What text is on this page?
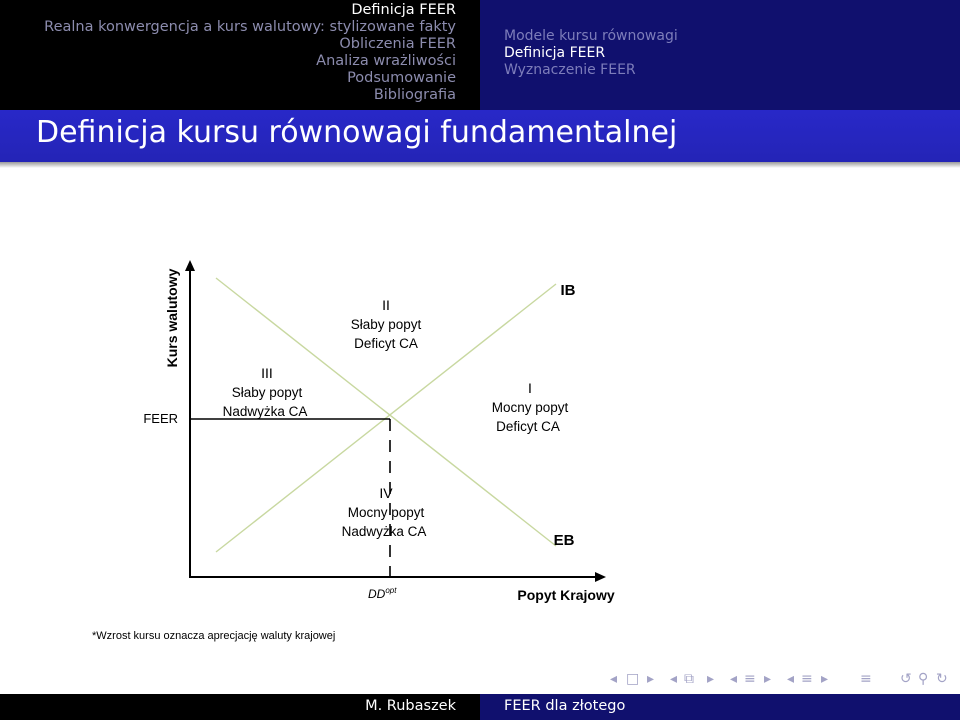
Definicja FEER
Realna konwergencja a kurs walutowy: stylizowane fakty
Obliczenia FEER
Analiza wrażliwości
Podsumowanie
Bibliografia
Modele kursu równowagi
Definicja FEER
Wyznaczenie FEER
Definicja kursu równowagi fundamentalnej
Kurs walutowy
Popyt Krajowy
FEER
$DD^{opt}$
IB
EB
II
Słaby popyt
Deficyt CA
III
Słaby popyt
Nadwyżka CA
I
Mocny popyt
Deficyt CA
IV
Mocny popyt
Nadwyżka CA
*Wzrost kursu oznacza aprecjację waluty krajowej
◂ □ ▸ ◂ ⧉ ▸ ◂ ≡ ▸ ◂ ≡ ▸ ≡ ↺ ⚲ ↻
M. Rubaszek	FEER dla złotego
